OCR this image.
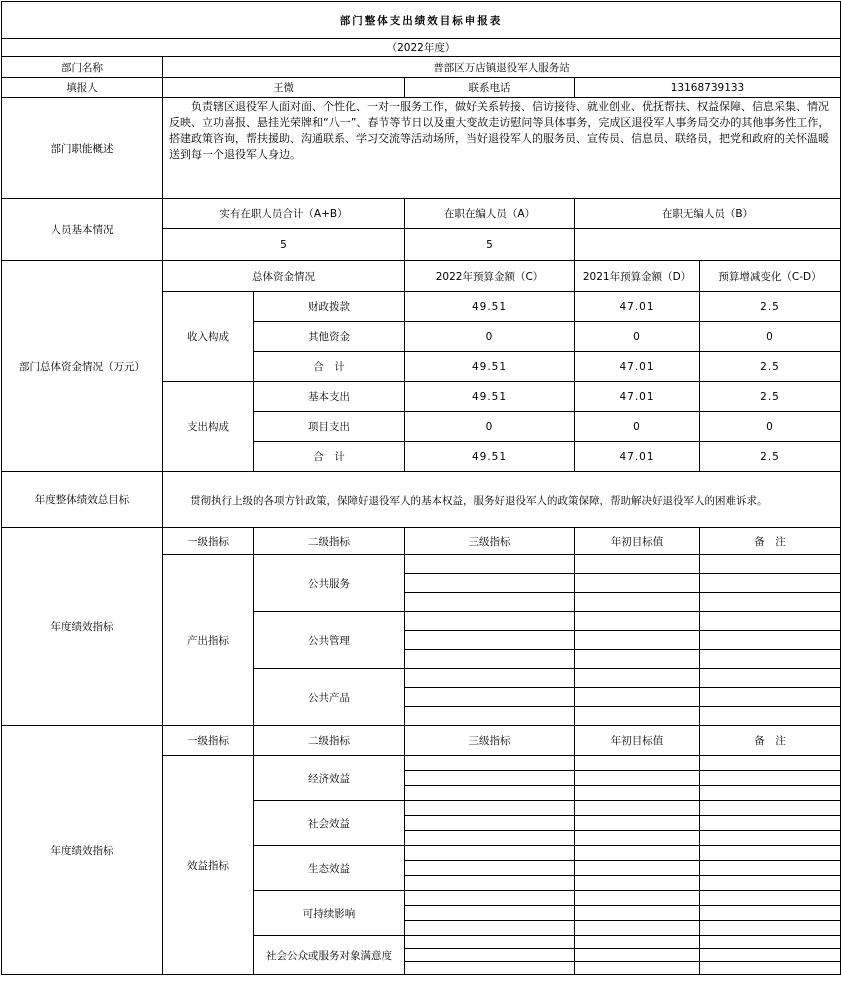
部门整体支出绩效目标申报表					
（2022年度）					
部门名称	普部区万店镇退役军人服务站				
填报人	王微		联系电话	13168739133	
部门职能概述	负责辖区退役军人面对面、个性化、一对一服务工作，做好关系转接、信访接待、就业创业、优抚帮扶、权益保障、信息采集、情况反映、立功喜报、悬挂光荣牌和“八一”、春节等节日以及重大变故走访慰问等具体事务，完成区退役军人事务局交办的其他事务性工作，搭建政策咨询，帮扶援助、沟通联系、学习交流等活动场所，当好退役军人的服务员、宣传员、信息员、联络员，把党和政府的关怀温暖送到每一个退役军人身边。				

人员基本情况	实有在职人员合计（A+B）		在职在编人员（A）	在职无编人员（B）	
	5		5		
部门总体资金情况（万元）	总体资金情况		2022年预算金额（C）	2021年预算金额（D）	预算增减变化（C-D）
	收入构成	财政拨款	49.51	47.01	2.5
		其他资金	0	0	0
		合　计	49.51	47.01	2.5
	支出构成	基本支出	49.51	47.01	2.5
		项目支出	0	0	0
		合　计	49.51	47.01	2.5
年度整体绩效总目标	贯彻执行上级的各项方针政策，保障好退役军人的基本权益，服务好退役军人的政策保障，帮助解决好退役军人的困难诉求。				

年度绩效指标	一级指标	二级指标	三级指标	年初目标值	备　注
	产出指标	公共服务			

		公共管理			

		公共产品			

年度绩效指标	一级指标	二级指标	三级指标	年初目标值	备　注
	效益指标	经济效益			

		社会效益			

		生态效益			

		可持续影响			

		社会公众或服务对象满意度			
